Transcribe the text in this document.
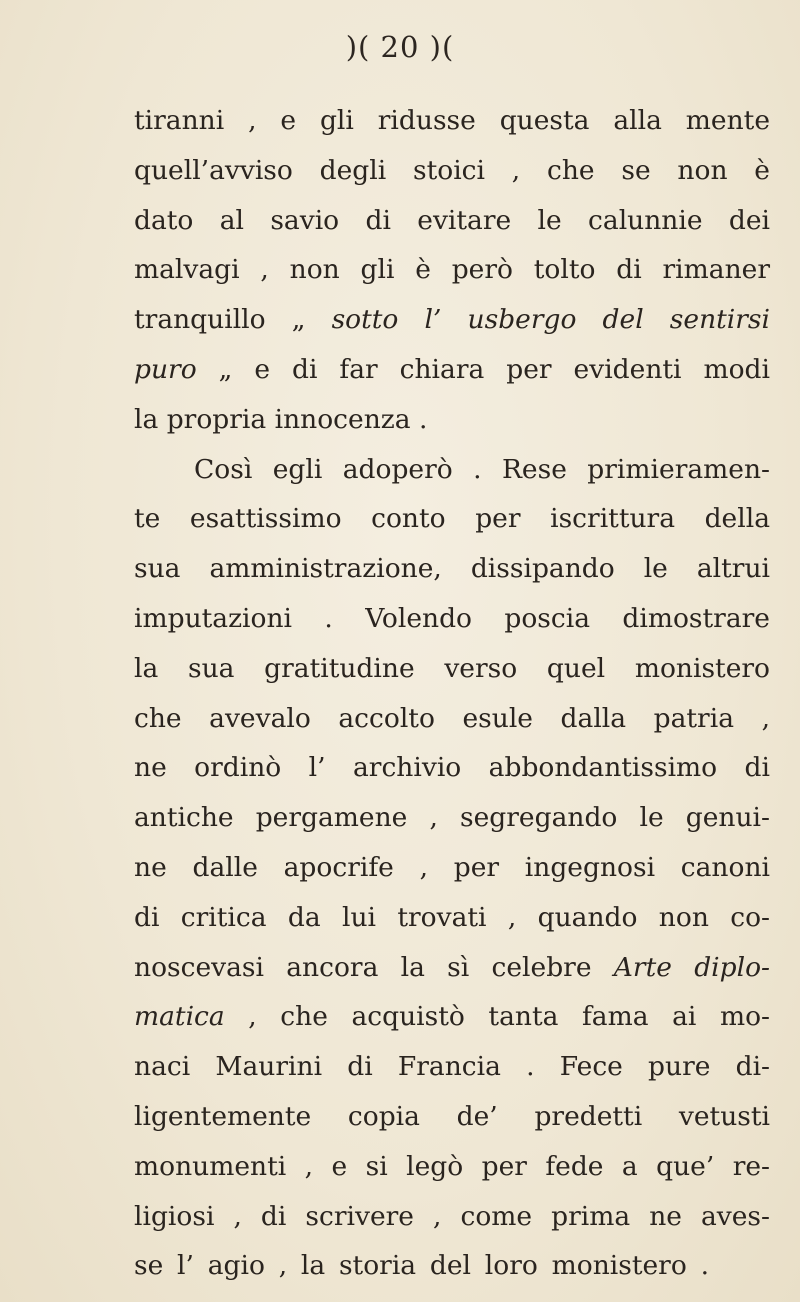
)( 20 )(
tiranni , e gli ridusse questa alla mente
quell’avviso degli stoici , che se non è
dato al savio di evitare le calunnie dei
malvagi , non gli è però tolto di rimaner
tranquillo „ sotto l’ usbergo del sentirsi
puro „ e di far chiara per evidenti modi
la propria innocenza .
Così egli adoperò . Rese primieramen-
te esattissimo conto per iscrittura della
sua amministrazione, dissipando le altrui
imputazioni . Volendo poscia dimostrare
la sua gratitudine verso quel monistero
che avevalo accolto esule dalla patria ,
ne ordinò l’ archivio abbondantissimo di
antiche pergamene , segregando le genui-
ne dalle apocrife , per ingegnosi canoni
di critica da lui trovati , quando non co-
noscevasi ancora la sì celebre Arte diplo-
matica , che acquistò tanta fama ai mo-
naci Maurini di Francia . Fece pure di-
ligentemente copia de’ predetti vetusti
monumenti , e si legò per fede a que’ re-
ligiosi , di scrivere , come prima ne aves-
se l’ agio , la storia del loro monistero .
